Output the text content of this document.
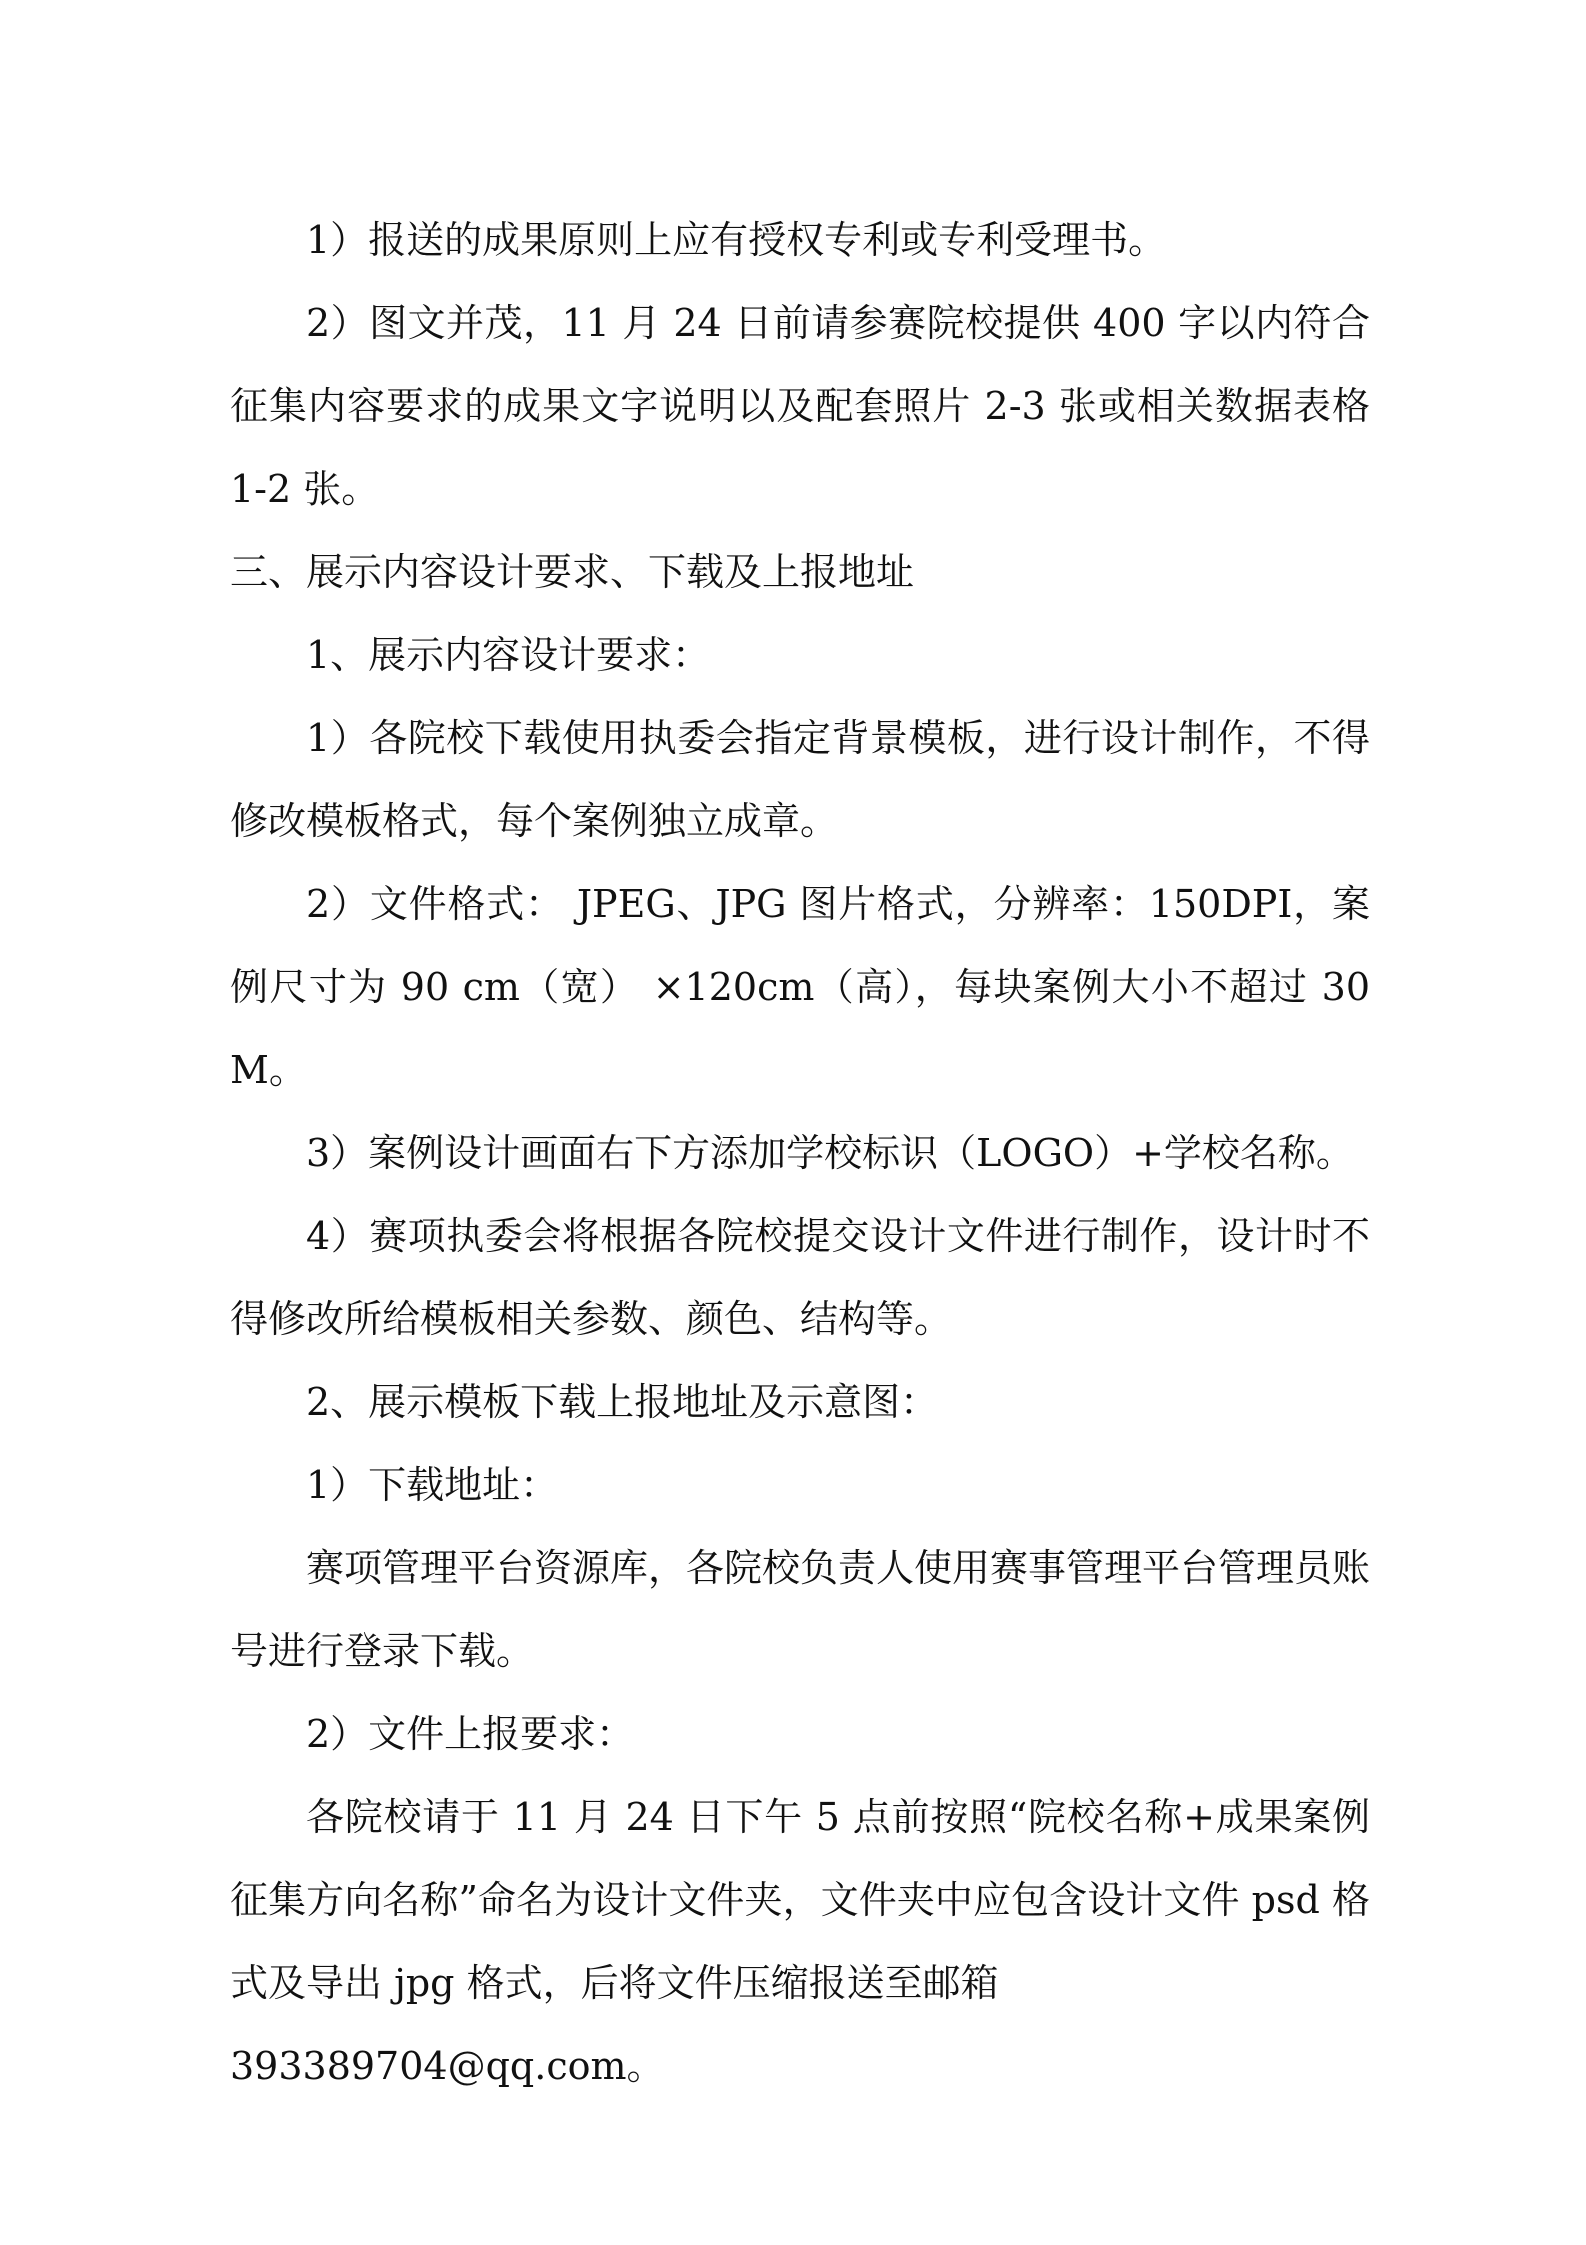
1）报送的成果原则上应有授权专利或专利受理书。

2）图文并茂，11 月 24 日前请参赛院校提供 400 字以内符合征集内容要求的成果文字说明以及配套照片 2-3 张或相关数据表格 1-2 张。

三、展示内容设计要求、下载及上报地址

1、展示内容设计要求：

1）各院校下载使用执委会指定背景模板，进行设计制作，不得修改模板格式，每个案例独立成章。

2）文件格式： JPEG、JPG 图片格式，分辨率：150DPI，案例尺寸为 90 cm（宽） ×120cm（高），每块案例大小不超过 30M。

3）案例设计画面右下方添加学校标识（LOGO）+学校名称。

4）赛项执委会将根据各院校提交设计文件进行制作，设计时不得修改所给模板相关参数、颜色、结构等。

2、展示模板下载上报地址及示意图：

1）下载地址：

赛项管理平台资源库，各院校负责人使用赛事管理平台管理员账号进行登录下载。

2）文件上报要求：

各院校请于 11 月 24 日下午 5 点前按照“院校名称+成果案例征集方向名称”命名为设计文件夹，文件夹中应包含设计文件 psd 格式及导出 jpg 格式，后将文件压缩报送至邮箱

393389704@qq.com。
